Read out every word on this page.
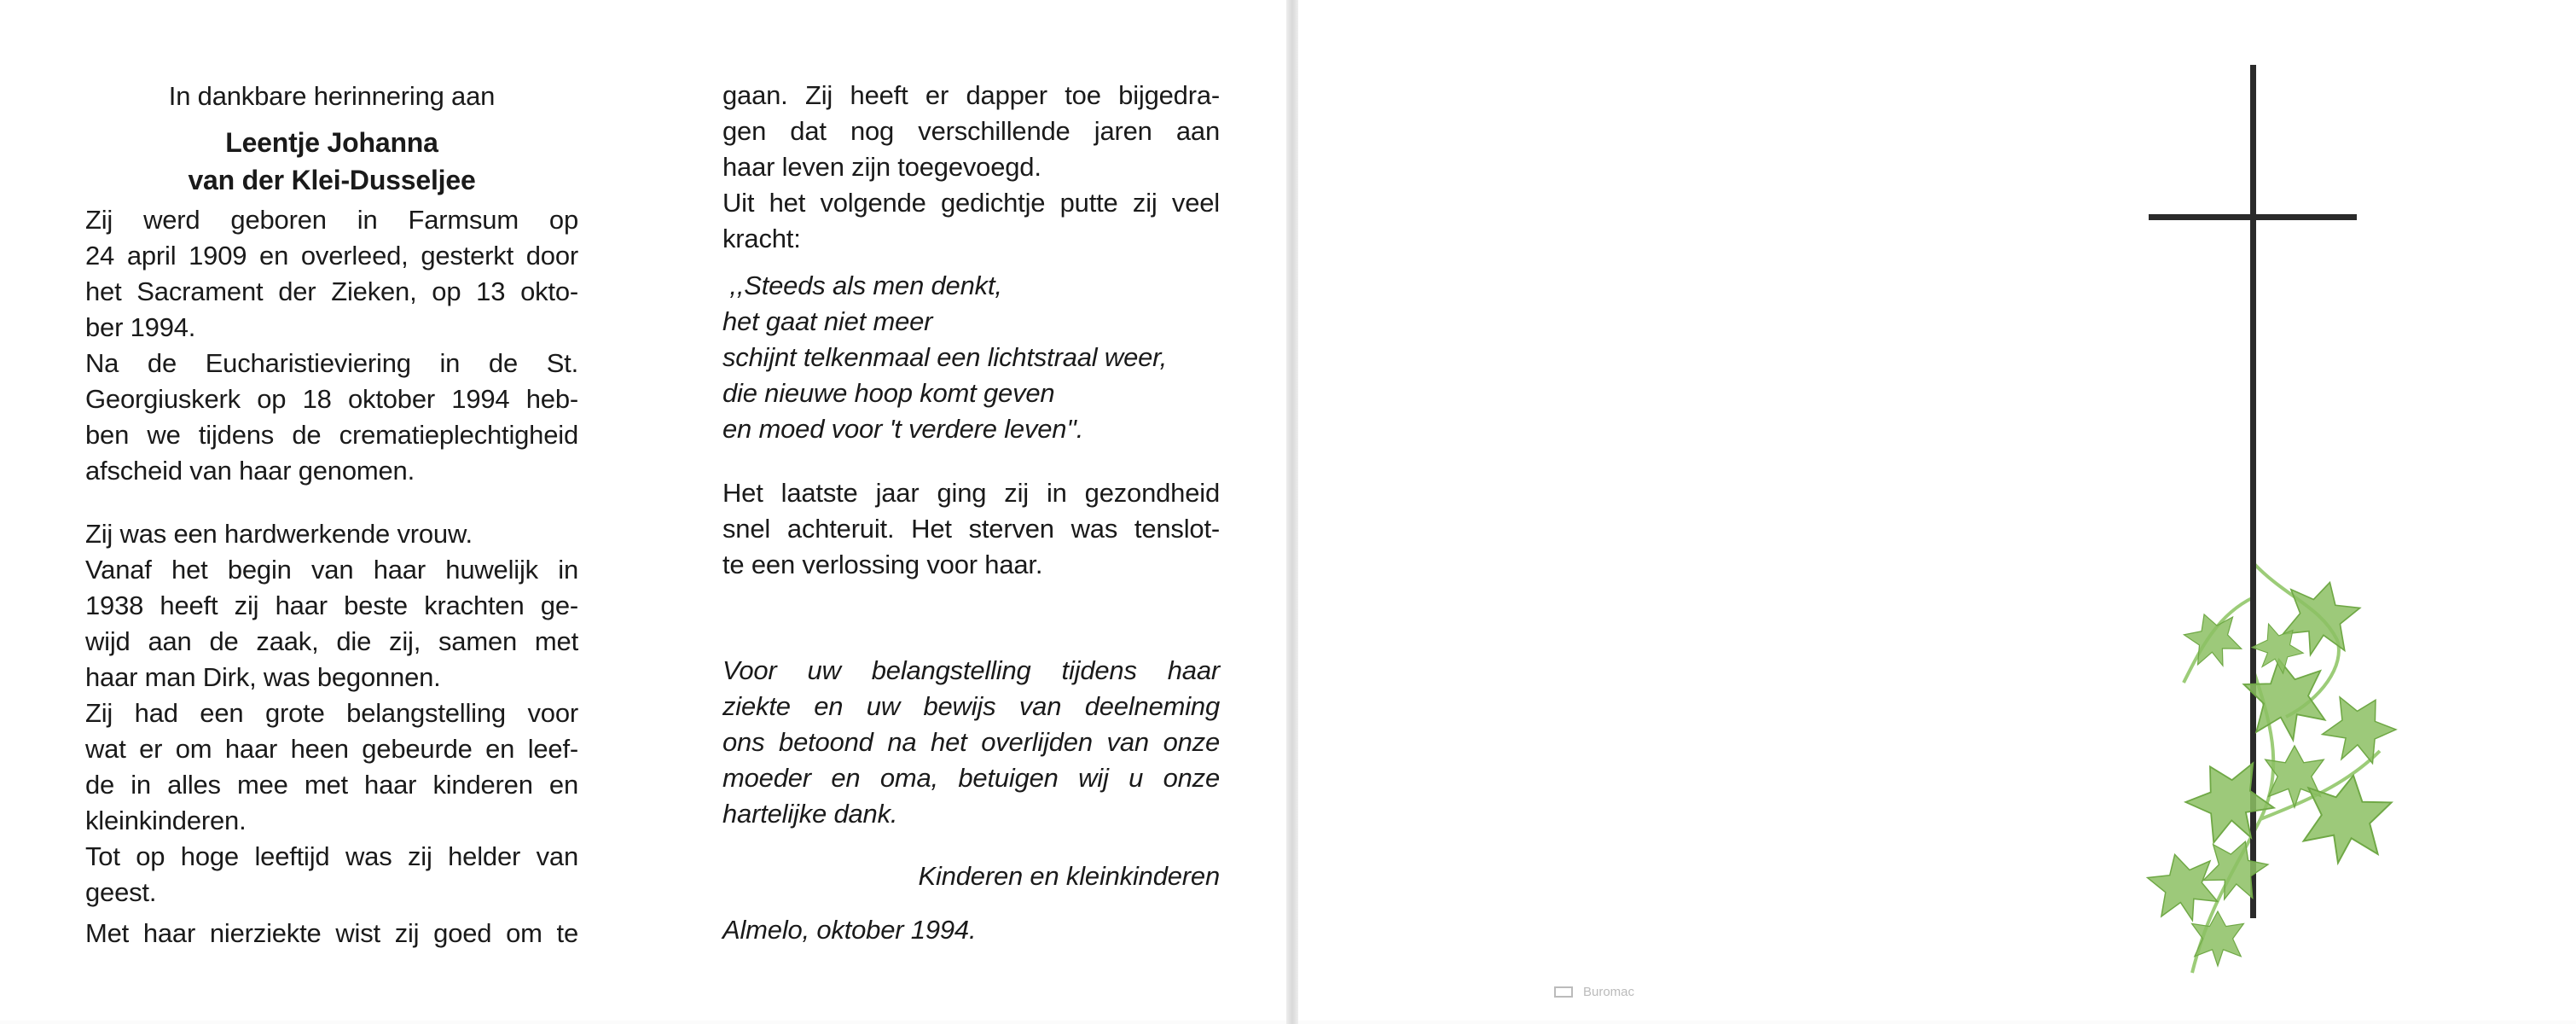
In dankbare herinnering aan
Leentje Johanna
van der Klei-Dusseljee
Zij werd geboren in Farmsum op
24 april 1909 en overleed, gesterkt door
het Sacrament der Zieken, op 13 okto-
ber 1994.
Na de Eucharistieviering in de St.
Georgiuskerk op 18 oktober 1994 heb-
ben we tijdens de crematieplechtigheid
afscheid van haar genomen.
Zij was een hardwerkende vrouw.
Vanaf het begin van haar huwelijk in
1938 heeft zij haar beste krachten ge-
wijd aan de zaak, die zij, samen met
haar man Dirk, was begonnen.
Zij had een grote belangstelling voor
wat er om haar heen gebeurde en leef-
de in alles mee met haar kinderen en
kleinkinderen.
Tot op hoge leeftijd was zij helder van
geest.
Met haar nierziekte wist zij goed om te
gaan. Zij heeft er dapper toe bijgedra-
gen dat nog verschillende jaren aan
haar leven zijn toegevoegd.
Uit het volgende gedichtje putte zij veel
kracht:
,,Steeds als men denkt,
het gaat niet meer
schijnt telkenmaal een lichtstraal weer,
die nieuwe hoop komt geven
en moed voor 't verdere leven''.
Het laatste jaar ging zij in gezondheid
snel achteruit. Het sterven was tenslot-
te een verlossing voor haar.
Voor uw belangstelling tijdens haar
ziekte en uw bewijs van deelneming
ons betoond na het overlijden van onze
moeder en oma, betuigen wij u onze
hartelijke dank.
Kinderen en kleinkinderen
Almelo, oktober 1994.
Buromac
